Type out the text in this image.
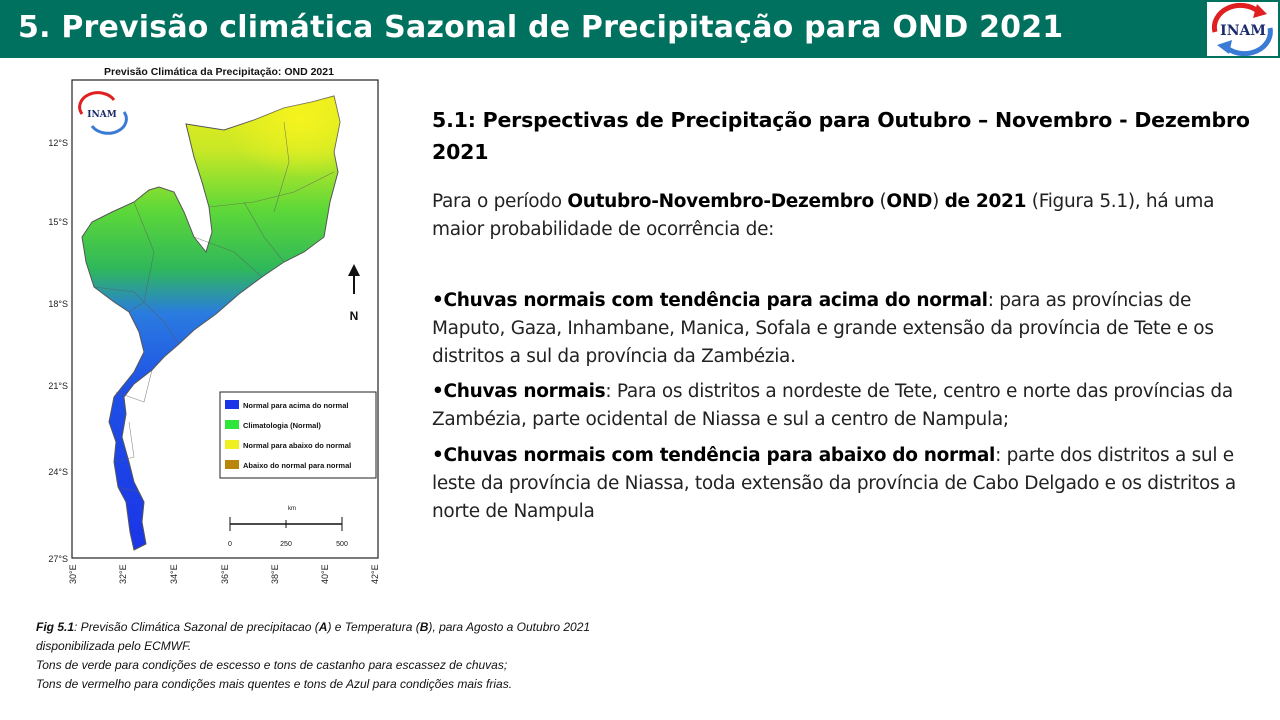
5. Previsão climática Sazonal de Precipitação para OND 2021	INAM
Previsão Climática da Precipitação: OND 2021
N
INAM
Normal para acima do normal
Climatologia (Normal)
Normal para abaixo do normal
Abaixo do normal para normal
km
0	250	500
12°S
15°S
18°S
21°S
24°S
27°S
30°E	32°E	34°E	36°E	38°E	40°E	42°E
5.1: Perspectivas de Precipitação para Outubro – Novembro - Dezembro 2021
Para o período Outubro-Novembro-Dezembro (OND) de 2021 (Figura 5.1), há uma maior probabilidade de ocorrência de:
•Chuvas normais com tendência para acima do normal: para as províncias de Maputo, Gaza, Inhambane, Manica, Sofala e grande extensão da província de Tete e os distritos a sul da província da Zambézia.
•Chuvas normais: Para os distritos a nordeste de Tete, centro e norte das províncias da Zambézia, parte ocidental de Niassa e sul a centro de Nampula;
•Chuvas normais com tendência para abaixo do normal: parte dos distritos a sul e leste da província de Niassa, toda extensão da província de Cabo Delgado e os distritos a norte de Nampula
Fig 5.1: Previsão Climática Sazonal de precipitacao (A) e Temperatura (B), para Agosto a Outubro 2021 disponibilizada pelo ECMWF.
Tons de verde para condições de escesso e tons de castanho para escassez de chuvas;
Tons de vermelho para condições mais quentes e tons de Azul para condições mais frias.
